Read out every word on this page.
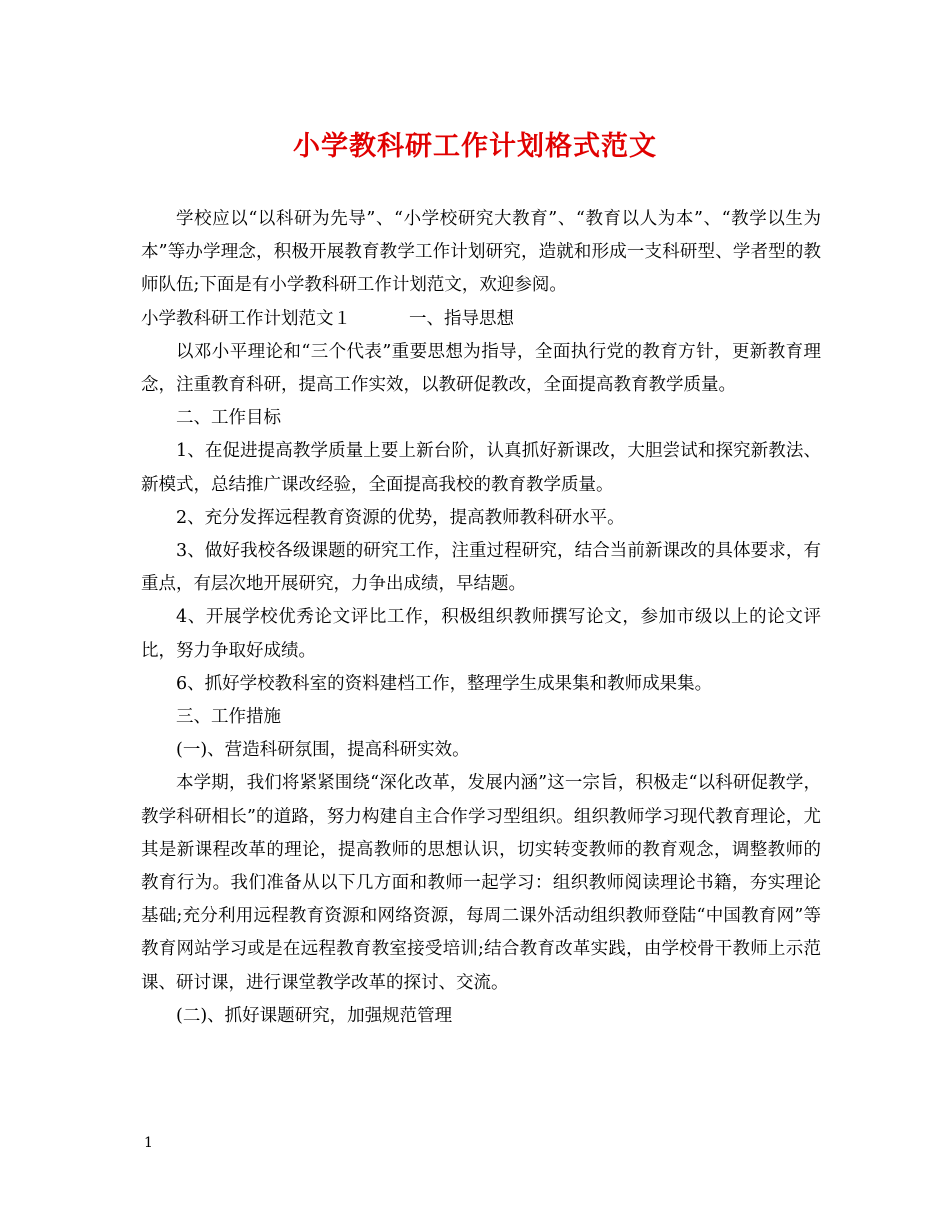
小学教科研工作计划格式范文

学校应以“以科研为先导”、“小学校研究大教育”、“教育以人为本”、“教学以生为本”等办学理念，积极开展教育教学工作计划研究，造就和形成一支科研型、学者型的教师队伍;下面是有小学教科研工作计划范文，欢迎参阅。

小学教科研工作计划范文１	一、指导思想

以邓小平理论和“三个代表”重要思想为指导，全面执行党的教育方针，更新教育理念，注重教育科研，提高工作实效，以教研促教改，全面提高教育教学质量。

二、工作目标

1、在促进提高教学质量上要上新台阶，认真抓好新课改，大胆尝试和探究新教法、新模式，总结推广课改经验，全面提高我校的教育教学质量。

2、充分发挥远程教育资源的优势，提高教师教科研水平。

3、做好我校各级课题的研究工作，注重过程研究，结合当前新课改的具体要求，有重点，有层次地开展研究，力争出成绩，早结题。

4、开展学校优秀论文评比工作，积极组织教师撰写论文，参加市级以上的论文评比，努力争取好成绩。

6、抓好学校教科室的资料建档工作，整理学生成果集和教师成果集。

三、工作措施

(一)、营造科研氛围，提高科研实效。

本学期，我们将紧紧围绕“深化改革，发展内涵”这一宗旨，积极走“以科研促教学，教学科研相长”的道路，努力构建自主合作学习型组织。组织教师学习现代教育理论，尤其是新课程改革的理论，提高教师的思想认识，切实转变教师的教育观念，调整教师的教育行为。我们准备从以下几方面和教师一起学习：组织教师阅读理论书籍，夯实理论基础;充分利用远程教育资源和网络资源，每周二课外活动组织教师登陆“中国教育网”等教育网站学习或是在远程教育教室接受培训;结合教育改革实践，由学校骨干教师上示范课、研讨课，进行课堂教学改革的探讨、交流。

(二)、抓好课题研究，加强规范管理

1
